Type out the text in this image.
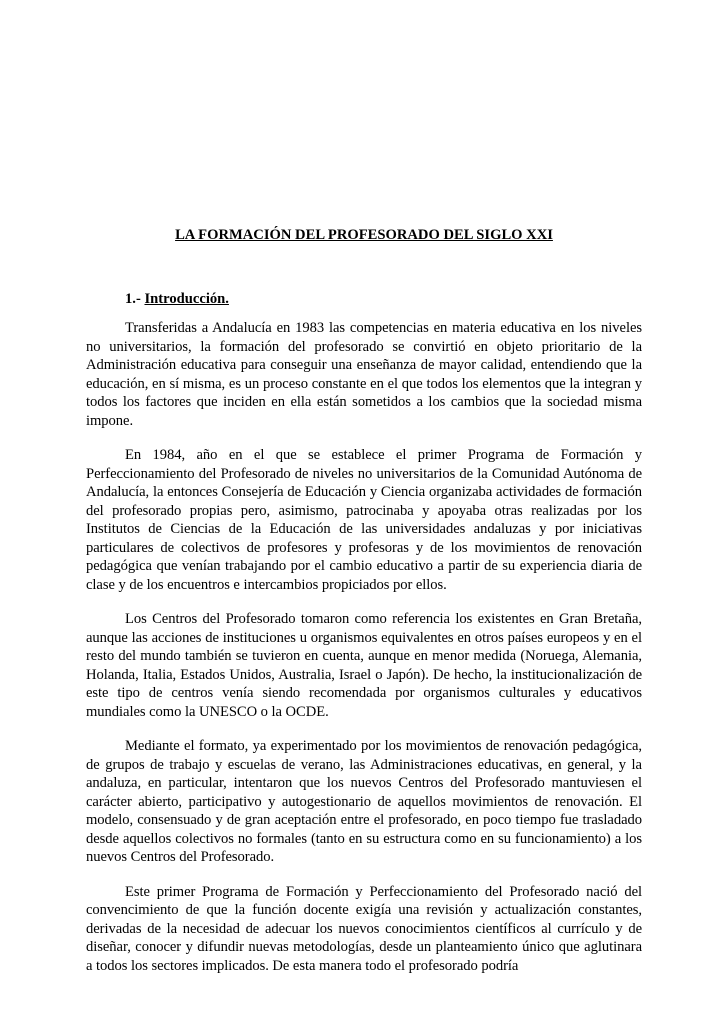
LA FORMACIÓN DEL PROFESORADO DEL SIGLO XXI
1.- Introducción.

Transferidas a Andalucía en 1983 las competencias en materia educativa en los niveles no universitarios, la formación del profesorado se convirtió en objeto prioritario de la Administración educativa para conseguir una enseñanza de mayor calidad, entendiendo que la educación, en sí misma, es un proceso constante en el que todos los elementos que la integran y todos los factores que inciden en ella están sometidos a los cambios que la sociedad misma impone.

En 1984, año en el que se establece el primer Programa de Formación y Perfeccionamiento del Profesorado de niveles no universitarios de la Comunidad Autónoma de Andalucía, la entonces Consejería de Educación y Ciencia organizaba actividades de formación del profesorado propias pero, asimismo, patrocinaba y apoyaba otras realizadas por los Institutos de Ciencias de la Educación de las universidades andaluzas y por iniciativas particulares de colectivos de profesores y profesoras y de los movimientos de renovación pedagógica que venían trabajando por el cambio educativo a partir de su experiencia diaria de clase y de los encuentros e intercambios propiciados por ellos.

Los Centros del Profesorado tomaron como referencia los existentes en Gran Bretaña, aunque las acciones de instituciones u organismos equivalentes en otros países europeos y en el resto del mundo también se tuvieron en cuenta, aunque en menor medida (Noruega, Alemania, Holanda, Italia, Estados Unidos, Australia, Israel o Japón). De hecho, la institucionalización de este tipo de centros venía siendo recomendada por organismos culturales y educativos mundiales como la UNESCO o la OCDE.

Mediante el formato, ya experimentado por los movimientos de renovación pedagógica, de grupos de trabajo y escuelas de verano, las Administraciones educativas, en general, y la andaluza, en particular, intentaron que los nuevos Centros del Profesorado mantuviesen el carácter abierto, participativo y autogestionario de aquellos movimientos de renovación. El modelo, consensuado y de gran aceptación entre el profesorado, en poco tiempo fue trasladado desde aquellos colectivos no formales (tanto en su estructura como en su funcionamiento) a los nuevos Centros del Profesorado.

Este primer Programa de Formación y Perfeccionamiento del Profesorado nació del convencimiento de que la función docente exigía una revisión y actualización constantes, derivadas de la necesidad de adecuar los nuevos conocimientos científicos al currículo y de diseñar, conocer y difundir nuevas metodologías, desde un planteamiento único que aglutinara a todos los sectores implicados. De esta manera todo el profesorado podría
